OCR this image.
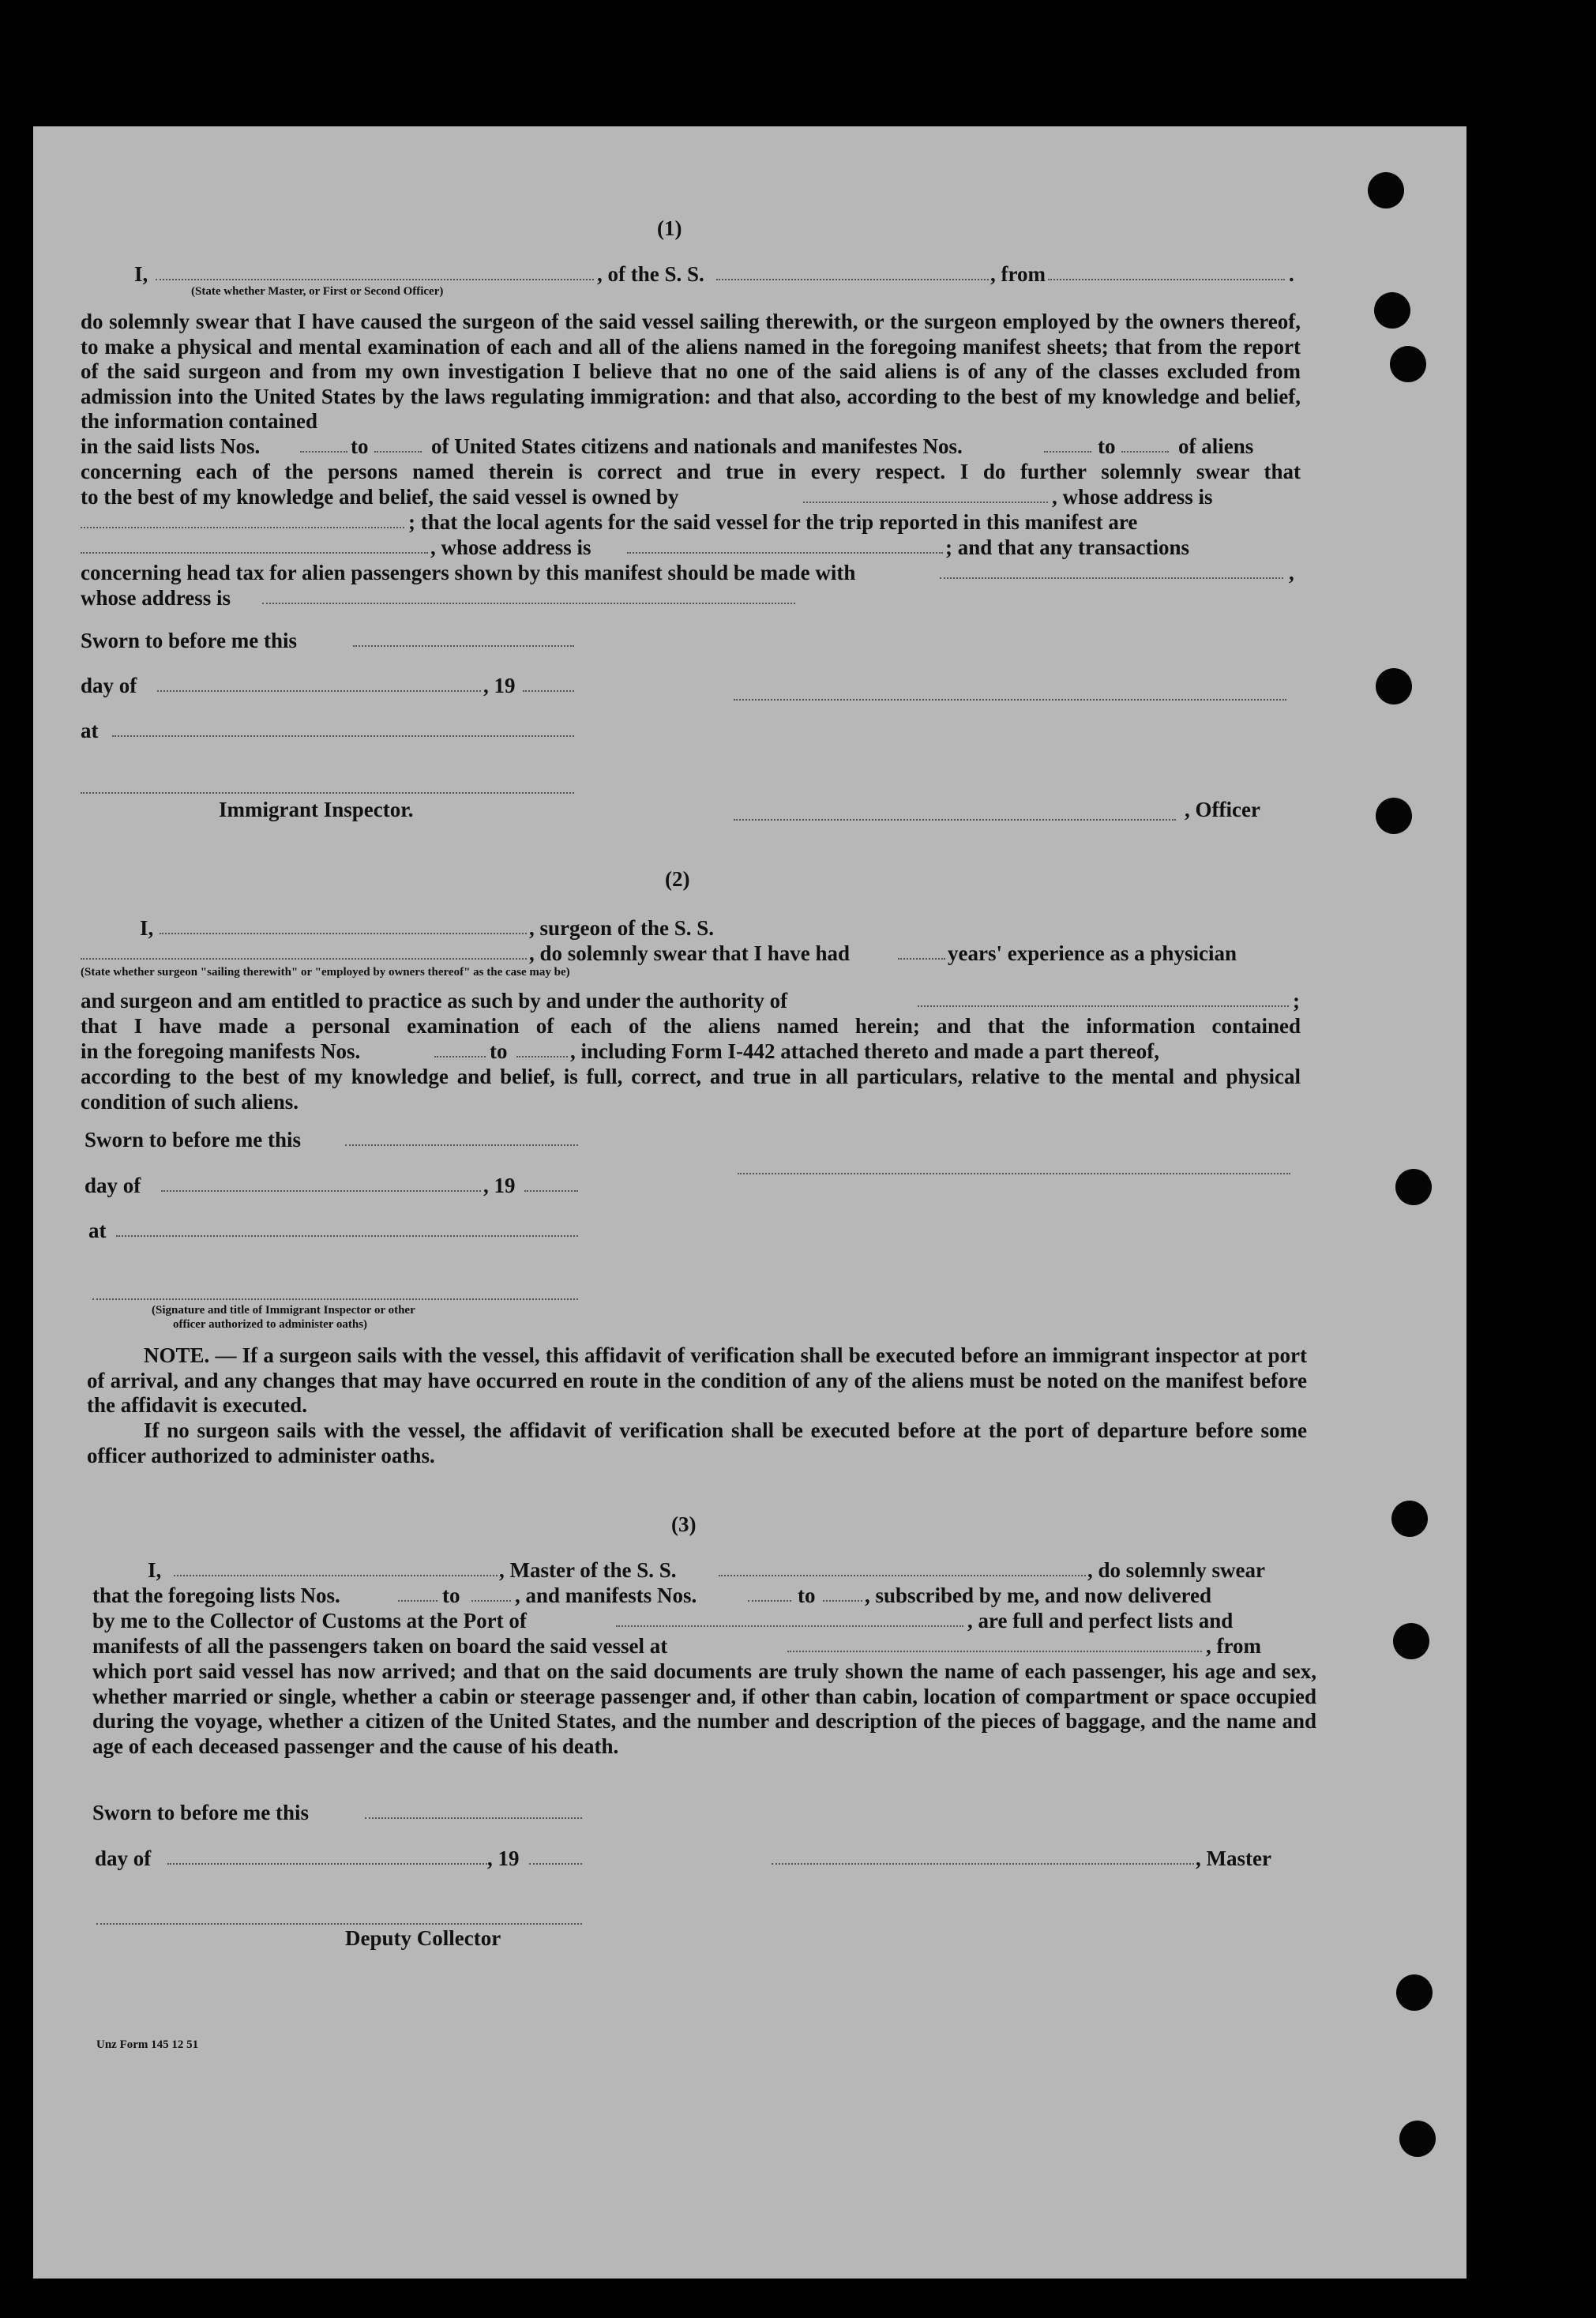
(1)
I,	, of the S. S.	, from	.
(State whether Master, or First or Second Officer)
do solemnly swear that I have caused the surgeon of the said vessel sailing therewith, or the surgeon employed by the owners thereof, to make a physical and mental examination of each and all of the aliens named in the foregoing manifest sheets; that from the report of the said surgeon and from my own investigation I believe that no one of the said aliens is of any of the classes excluded from admission into the United States by the laws regulating immigration: and that also, according to the best of my knowledge and belief, the information contained
in the said lists Nos.	to	of United States citizens and nationals and manifestes Nos.	to	of aliens
concerning each of the persons named therein is correct and true in every respect. I do further solemnly swear that
to the best of my knowledge and belief, the said vessel is owned by	, whose address is
; that the local agents for the said vessel for the trip reported in this manifest are
, whose address is	; and that any transactions
concerning head tax for alien passengers shown by this manifest should be made with	,
whose address is
Sworn to before me this
day of	, 19
at
Immigrant Inspector.	, Officer
(2)
I,	, surgeon of the S. S.
, do solemnly swear that I have had	years' experience as a physician
(State whether surgeon "sailing therewith" or "employed by owners thereof" as the case may be)
and surgeon and am entitled to practice as such by and under the authority of	;
that I have made a personal examination of each of the aliens named herein; and that the information contained
in the foregoing manifests Nos.	to	, including Form I-442 attached thereto and made a part thereof,
according to the best of my knowledge and belief, is full, correct, and true in all particulars, relative to the mental and physical condition of such aliens.
Sworn to before me this
day of	, 19
at
(Signature and title of Immigrant Inspector or other
officer authorized to administer oaths)
NOTE. — If a surgeon sails with the vessel, this affidavit of verification shall be executed before an immigrant inspector at port of arrival, and any changes that may have occurred en route in the condition of any of the aliens must be noted on the manifest before the affidavit is executed.
If no surgeon sails with the vessel, the affidavit of verification shall be executed before at the port of departure before some officer authorized to administer oaths.
(3)
I,	, Master of the S. S.	, do solemnly swear
that the foregoing lists Nos.	to	, and manifests Nos.	to , subscribed by me, and now delivered
by me to the Collector of Customs at the Port of	, are full and perfect lists and
manifests of all the passengers taken on board the said vessel at	, from
which port said vessel has now arrived; and that on the said documents are truly shown the name of each passenger, his age and sex, whether married or single, whether a cabin or steerage passenger and, if other than cabin, location of compartment or space occupied during the voyage, whether a citizen of the United States, and the number and description of the pieces of baggage, and the name and age of each deceased passenger and the cause of his death.
Sworn to before me this
day of	, 19	, Master
Deputy Collector
Unz Form 145 12 51
